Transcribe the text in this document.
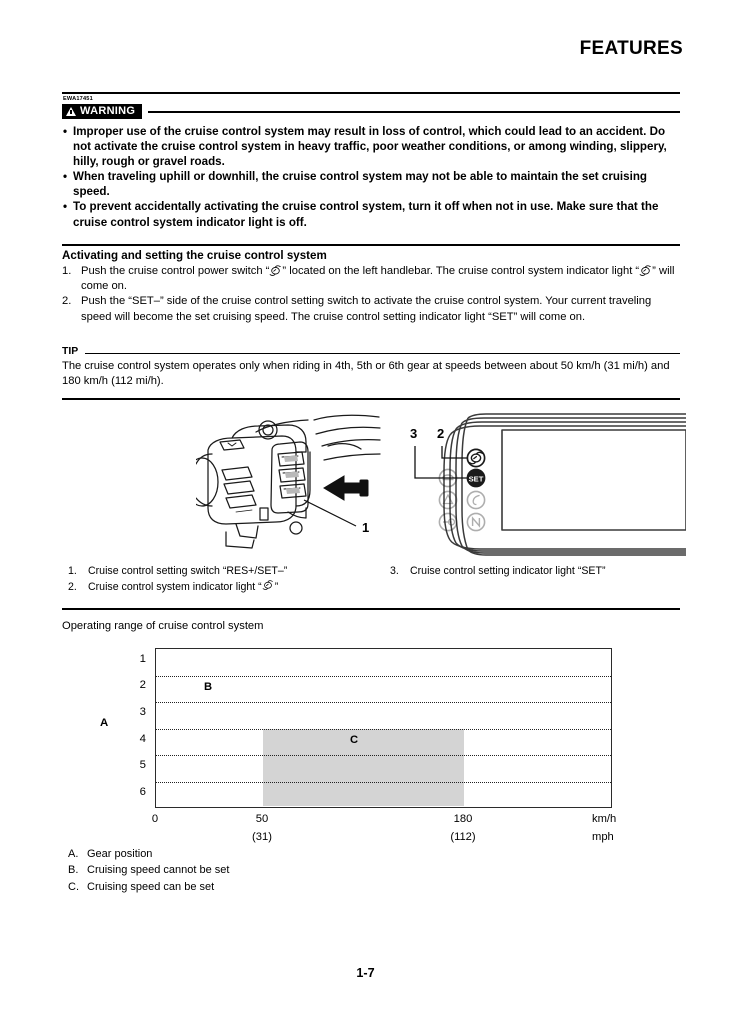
FEATURES
EWA17451
WARNING
• Improper use of the cruise control system may result in loss of control, which could lead to an accident. Do not activate the cruise control system in heavy traffic, poor weather conditions, or among winding, slippery, hilly, rough or gravel roads.
• When traveling uphill or downhill, the cruise control system may not be able to maintain the set cruising speed.
• To prevent accidentally activating the cruise control system, turn it off when not in use. Make sure that the cruise control system indicator light is off.
Activating and setting the cruise control system
1. Push the cruise control power switch “ ” located on the left handlebar. The cruise control system indicator light “ ” will come on.
2. Push the “SET–” side of the cruise control setting switch to activate the cruise control system. Your current traveling speed will become the set cruising speed. The cruise control setting indicator light “SET” will come on.
TIP
The cruise control system operates only when riding in 4th, 5th or 6th gear at speeds between about 50 km/h (31 mi/h) and 180 km/h (112 mi/h).
1
SET
3 2
1. Cruise control setting switch “RES+/SET–”
2. Cruise control system indicator light “ ”
3. Cruise control setting indicator light “SET”
Operating range of cruise control system
A
1
2
3
4
5
6
B
C
0	50	180
(31)	(112)
km/h
mph
A. Gear position
B. Cruising speed cannot be set
C. Cruising speed can be set
1-7
